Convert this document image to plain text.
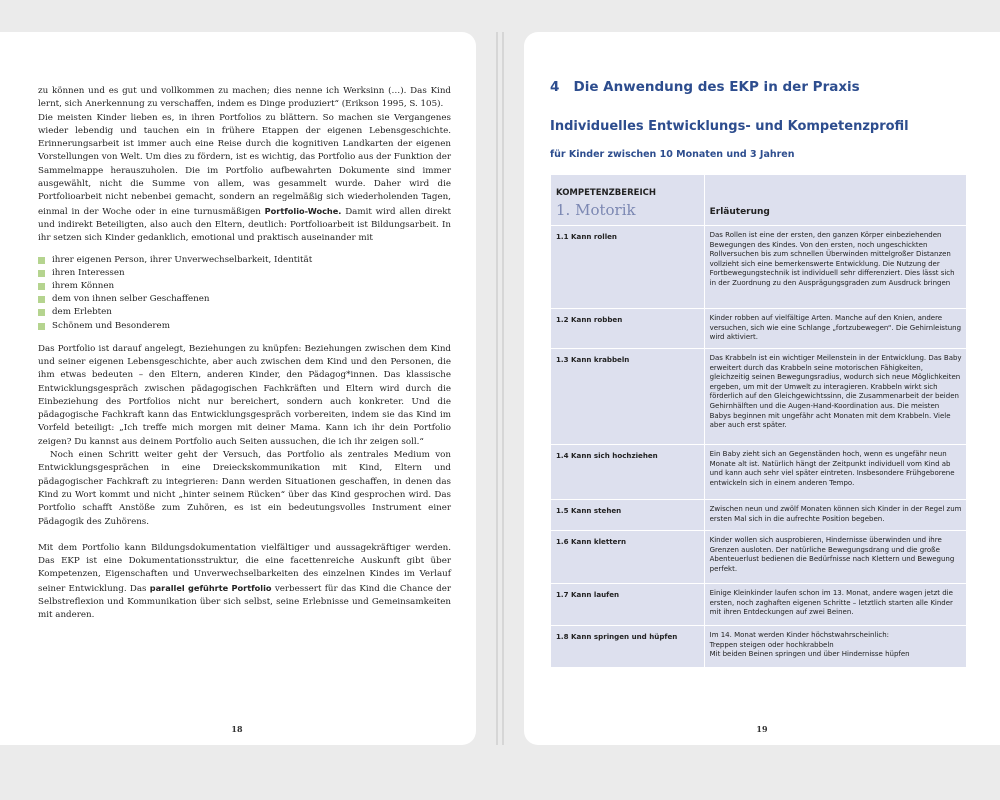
zu können und es gut und vollkommen zu machen; dies nenne ich Werksinn (…). Das Kind lernt, sich Anerkennung zu verschaffen, indem es Dinge produziert“ (Erikson 1995, S. 105).

Die meisten Kinder lieben es, in ihren Portfolios zu blättern. So machen sie Vergangenes wieder lebendig und tauchen ein in frühere Etappen der eigenen Lebensgeschichte. Erinnerungsarbeit ist immer auch eine Reise durch die kognitiven Landkarten der eigenen Vorstellungen von Welt. Um dies zu fördern, ist es wichtig, das Portfolio aus der Funktion der Sammelmappe herauszuholen. Die im Portfolio aufbewahrten Dokumente sind immer ausgewählt, nicht die Summe von allem, was gesammelt wurde. Daher wird die Portfolioarbeit nicht nebenbei gemacht, sondern an regelmäßig sich wiederholenden Tagen, einmal in der Woche oder in eine turnusmäßigen Portfolio-Woche. Damit wird allen direkt und indirekt Beteiligten, also auch den Eltern, deutlich: Portfolioarbeit ist Bildungsarbeit. In ihr setzen sich Kinder gedanklich, emotional und praktisch auseinander mit

ihrer eigenen Person, ihrer Unverwechselbarkeit, Identität
ihren Interessen
ihrem Können
dem von ihnen selber Geschaffenen
dem Erlebten
Schönem und Besonderem

Das Portfolio ist darauf angelegt, Beziehungen zu knüpfen: Beziehungen zwischen dem Kind und seiner eigenen Lebensgeschichte, aber auch zwischen dem Kind und den Personen, die ihm etwas bedeuten – den Eltern, anderen Kinder, den Pädagog*innen. Das klassische Entwicklungsgespräch zwischen pädagogischen Fachkräften und Eltern wird durch die Einbeziehung des Portfolios nicht nur bereichert, sondern auch konkreter. Und die pädagogische Fachkraft kann das Entwicklungsgespräch vorbereiten, indem sie das Kind im Vorfeld beteiligt: „Ich treffe mich morgen mit deiner Mama. Kann ich ihr dein Portfolio zeigen? Du kannst aus deinem Portfolio auch Seiten aussuchen, die ich ihr zeigen soll.“

Noch einen Schritt weiter geht der Versuch, das Portfolio als zentrales Medium von Entwicklungsgesprächen in eine Dreieckskommunikation mit Kind, Eltern und pädagogischer Fachkraft zu integrieren: Dann werden Situationen geschaffen, in denen das Kind zu Wort kommt und nicht „hinter seinem Rücken“ über das Kind gesprochen wird. Das Portfolio schafft Anstöße zum Zuhören, es ist ein bedeutungsvolles Instrument einer Pädagogik des Zuhörens.

Mit dem Portfolio kann Bildungsdokumentation vielfältiger und aussagekräftiger werden. Das EKP ist eine Dokumentationsstruktur, die eine facettenreiche Auskunft gibt über Kompetenzen, Eigenschaften und Unverwechselbarkeiten des einzelnen Kindes im Verlauf seiner Entwicklung. Das parallel geführte Portfolio verbessert für das Kind die Chance der Selbstreflexion und Kommunikation über sich selbst, seine Erlebnisse und Gemeinsamkeiten mit anderen.

18
4   Die Anwendung des EKP in der Praxis
Individuelles Entwicklungs- und Kompetenzprofil
für Kinder zwischen 10 Monaten und 3 Jahren
KOMPETENZBEREICH
1. Motorik	Erläuterung

1.1 Kann rollen	Das Rollen ist eine der ersten, den ganzen Körper einbeziehenden Bewegungen des Kindes. Von den ersten, noch ungeschickten Rollversuchen bis zum schnellen Überwinden mittelgroßer Distanzen vollzieht sich eine bemerkenswerte Entwicklung. Die Nutzung der Fortbewegungstechnik ist individuell sehr differenziert. Dies lässt sich in der Zuordnung zu den Ausprägungsgraden zum Ausdruck bringen
1.2 Kann robben	Kinder robben auf vielfältige Arten. Manche auf den Knien, andere versuchen, sich wie eine Schlange „fortzubewegen“. Die Gehirnleistung wird aktiviert.
1.3 Kann krabbeln	Das Krabbeln ist ein wichtiger Meilenstein in der Entwicklung. Das Baby erweitert durch das Krabbeln seine motorischen Fähigkeiten, gleichzeitig seinen Bewegungsradius, wodurch sich neue Möglichkeiten ergeben, um mit der Umwelt zu interagieren. Krabbeln wirkt sich förderlich auf den Gleichgewichtssinn, die Zusammenarbeit der beiden Gehirnhälften und die Augen-Hand-Koordination aus. Die meisten Babys beginnen mit ungefähr acht Monaten mit dem Krabbeln. Viele aber auch erst später.
1.4 Kann sich hochziehen	Ein Baby zieht sich an Gegenständen hoch, wenn es ungefähr neun Monate alt ist. Natürlich hängt der Zeitpunkt individuell vom Kind ab und kann auch sehr viel später eintreten. Insbesondere Frühgeborene entwickeln sich in einem anderen Tempo.
1.5 Kann stehen	Zwischen neun und zwölf Monaten können sich Kinder in der Regel zum ersten Mal sich in die aufrechte Position begeben.
1.6 Kann klettern	Kinder wollen sich ausprobieren, Hindernisse überwinden und ihre Grenzen ausloten. Der natürliche Bewegungsdrang und die große Abenteuerlust bedienen die Bedürfnisse nach Klettern und Bewegung perfekt.
1.7 Kann laufen	Einige Kleinkinder laufen schon im 13. Monat, andere wagen jetzt die ersten, noch zaghaften eigenen Schritte – letztlich starten alle Kinder mit ihren Entdeckungen auf zwei Beinen.
1.8 Kann springen und hüpfen	Im 14. Monat werden Kinder höchstwahrscheinlich:
Treppen steigen oder hochkrabbeln
Mit beiden Beinen springen und über Hindernisse hüpfen
19
